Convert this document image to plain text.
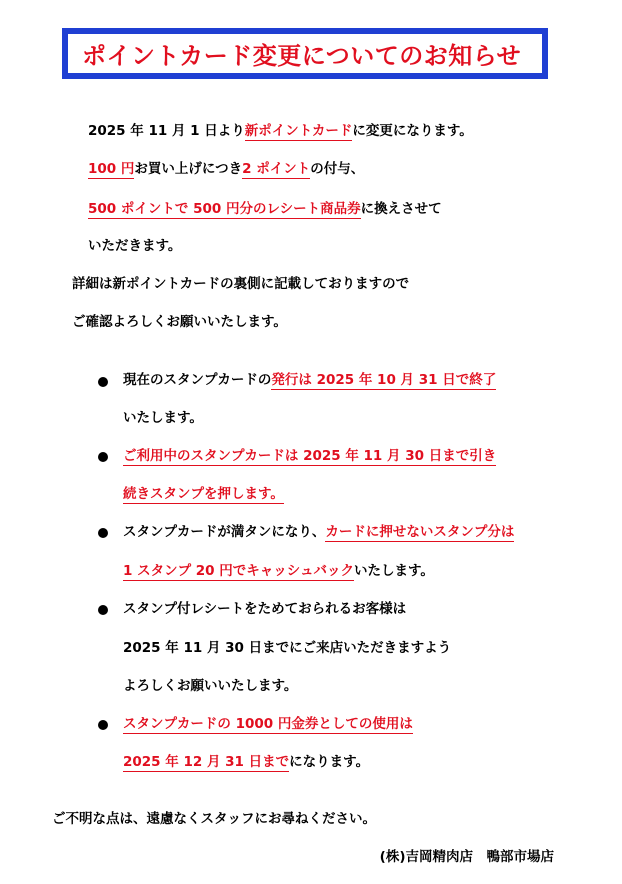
ポイントカード変更についてのお知らせ
2025 年 11 月 1 日より新ポイントカードに変更になります。
100 円お買い上げにつき2 ポイントの付与、
500 ポイントで 500 円分のレシート商品券に換えさせて
いただきます。
詳細は新ポイントカードの裏側に記載しておりますので
ご確認よろしくお願いいたします。
現在のスタンプカードの発行は 2025 年 10 月 31 日で終了
いたします。
ご利用中のスタンプカードは 2025 年 11 月 30 日まで引き
続きスタンプを押します。
スタンプカードが満タンになり、カードに押せないスタンプ分は
1 スタンプ 20 円でキャッシュバックいたします。
スタンプ付レシートをためておられるお客様は
2025 年 11 月 30 日までにご来店いただきますよう
よろしくお願いいたします。
スタンプカードの 1000 円金券としての使用は
2025 年 12 月 31 日までになります。
ご不明な点は、遠慮なくスタッフにお尋ねください。
(株)吉岡精肉店　鴨部市場店
